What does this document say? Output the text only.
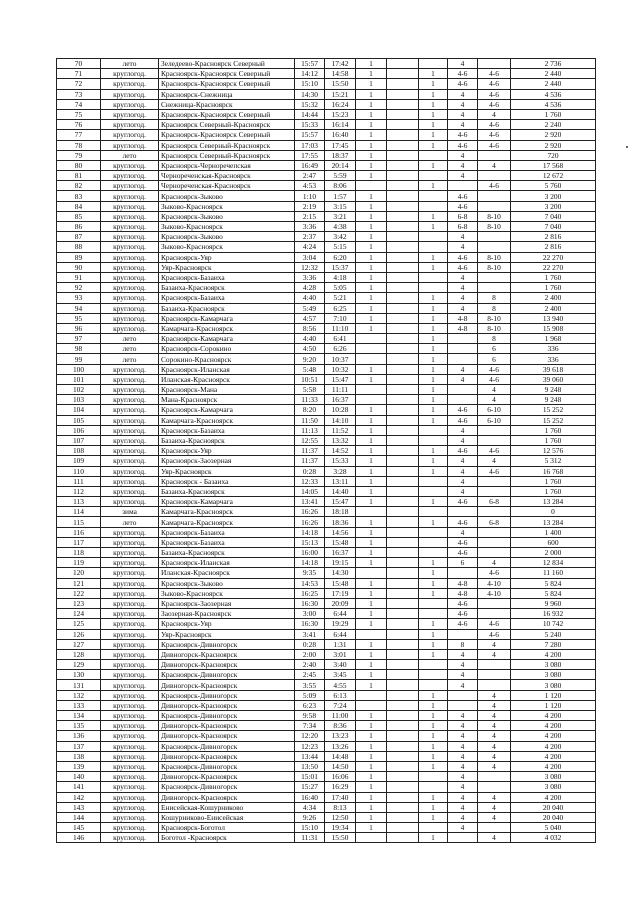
70	лето	Зеледеево-Красноярск Северный	15:57	17:42	1			4		2 736
71	круглогод.	Красноярск-Красноярск Северный	14:12	14:58	1		1	4-6	4-6	2 440
72	круглогод.	Красноярск-Красноярск Северный	15:10	15:50	1		1	4-6	4-6	2 440
73	круглогод.	Красноярск-Снежница	14:30	15:21	1		1	4	4-6	4 536
74	круглогод.	Снежница-Красноярск	15:32	16:24	1		1	4	4-6	4 536
75	круглогод.	Красноярск-Красноярск Северный	14:44	15:23	1		1	4	4	1 760
76	круглогод.	Красноярск Северный-Красноярск	15:33	16:14	1		1	4	4-6	2 240
77	круглогод.	Красноярск-Красноярск Северный	15:57	16:40	1		1	4-6	4-6	2 920
78	круглогод.	Красноярск Северный-Красноярск	17:03	17:45	1		1	4-6	4-6	2 920
79	лето	Красноярск Северный-Красноярск	17:55	18:37	1			4		720
80	круглогод.	Красноярск-Черноречепская	16:49	20:14	1		1	4	4	17 568
81	круглогод.	Чернореченская-Красноярск	2:47	5:59	1			4		12 672
82	круглогод.	Чернореченская-Красноярск	4:53	8:06			1		4-6	5 760
83	круглогод.	Красноярск-Зыково	1:10	1:57	1			4-6		3 200
84	круглогод.	Зыково-Красноярск	2:19	3:15	1			4-6		3 200
85	круглогод.	Красноярск-Зыково	2:15	3:21	1		1	6-8	8-10	7 040
86	круглогод.	Зыково-Красноярск	3:36	4:38	1		1	6-8	8-10	7 040
87	круглогод.	Красноярск-Зыково	2:37	3:42	1			4		2 816
88	круглогод.	Зыково-Красноярск	4:24	5:15	1			4		2 816
89	круглогод.	Красноярск-Уяр	3:04	6:20	1		1	4-6	8-10	22 270
90	круглогод.	Уяр-Красноярск	12:32	15:37	1		1	4-6	8-10	22 270
91	круглогод.	Красноярск-Базаиха	3:36	4:18	1			4		1 760
92	круглогод.	Базаиха-Красноярск	4:28	5:05	1			4		1 760
93	круглогод.	Красноярск-Базаиха	4:40	5:21	1		1	4	8	2 400
94	круглогод.	Базаиха-Красноярск	5:49	6:25	1		1	4	8	2 400
95	круглогод.	Красноярск-Камарчага	4:57	7:10	1		1	4-8	8-10	13 940
96	круглогод.	Камарчага-Красноярск	8:56	11:10	1		1	4-8	8-10	15 908
97	лето	Красноярск-Камарчага	4:40	6:41			1		8	1 968
98	лето	Красноярск-Сорокино	4:50	6:26			1		6	336
99	лето	Сорокино-Красноярск	9:20	10:37			1		6	336
100	круглогод.	Красноярск-Иланская	5:48	10:32	1		1	4	4-6	39 618
101	круглогод.	Иланская-Красноярск	10:51	15:47	1		1	4	4-6	39 060
102	круглогод.	Красноярск-Мана	5:58	11:11			1		4	9 248
103	круглогод.	Мана-Красноярск	11:33	16:37			1		4	9 248
104	круглогод.	Красноярск-Камарчага	8:20	10:28	1		1	4-6	6-10	15 252
105	круглогод.	Камарчага-Красноярск	11:50	14:10	1		1	4-6	6-10	15 252
106	круглогод.	Красноярск-Базаиха	11:13	11:52	1			4		1 760
107	круглогод.	Базаиха-Красноярск	12:55	13:32	1			4		1 760
108	круглогод.	Красноярск-Уяр	11:37	14:52	1		1	4-6	4-6	12 576
109	круглогод.	Красноярск-Заозерная	11:37	15:33	1		1	4	4	5 312
110	круглогод.	Уяр-Красноярск	0:28	3:28	1		1	4	4-6	16 768
111	круглогод.	Красноярск - Базаиха	12:33	13:11	1			4		1 760
112	круглогод.	Базаиха-Красноярск	14:05	14:40	1			4		1 760
113	круглогод.	Красноярск-Камарчага	13:41	15:47	1		1	4-6	6-8	13 284
114	зима	Камарчага-Красноярск	16:26	18:18						0
115	лето	Камарчага-Красноярск	16:26	18:36	1		1	4-6	6-8	13 284
116	круглогод.	Красноярск-Базаиха	14:18	14:56	1			4		1 400
117	круглогод.	Красноярск-Базаиха	15:13	15:48	1			4-6		600
118	круглогод.	Базаиха-Красноярск	16:00	16:37	1			4-6		2 000
119	круглогод.	Красноярск-Иланская	14:18	19:15	1		1	6	4	12 834
120	круглогод.	Иланская-Красноярск	9:35	14:30			1		4-6	11 160
121	круглогод.	Красноярск-Зыково	14:53	15:48	1		1	4-8	4-10	5 824
122	круглогод.	Зыково-Красноярск	16:25	17:19	1		1	4-8	4-10	5 824
123	круглогод.	Красноярск-Заозерная	16:30	20:09	1			4-6		9 960
124	круглогод.	Заозерная-Красноярск	3:00	6:44	1			4-6		16 932
125	круглогод.	Красноярск-Уяр	16:30	19:29	1		1	4-6	4-6	10 742
126	круглогод.	Уяр-Красноярск	3:41	6:44			1		4-6	5 240
127	круглогод.	Красноярск-Дивногорск	0:28	1:31	1		1	8	4	7 280
128	круглогод.	Дивногорск-Красноярск	2:00	3:01	1		1	4	4	4 200
129	круглогод.	Дивногорск-Красноярск	2:40	3:40	1			4		3 080
130	круглогод.	Красноярск-Дивногорск	2:45	3:45	1			4		3 080
131	круглогод.	Дивногорск-Красноярск	3:55	4:55	1			4		3 080
132	круглогод.	Красноярск-Дивногорск	5:09	6:13			1		4	1 120
133	круглогод.	Дивногорск-Красноярск	6:23	7:24			1		4	1 120
134	круглогод.	Красноярск-Дивногорск	9:58	11:00	1		1	4	4	4 200
135	круглогод.	Дивногорск-Красноярск	7:34	8:36	1		1	4	4	4 200
136	круглогод.	Дивногорск-Красноярск	12:20	13:23	1		1	4	4	4 200
137	круглогод.	Красноярск-Дивногорск	12:23	13:26	1		1	4	4	4 200
138	круглогод.	Дивногорск-Красноярск	13:44	14:48	1		1	4	4	4 200
139	круглогод.	Красноярск-Дивногорск	13:50	14:50	1		1	4	4	4 200
140	круглогод.	Дивногорск-Красноярск	15:01	16:06	1			4		3 080
141	круглогод.	Красноярск-Дивногорск	15:27	16:29	1			4		3 080
142	круглогод.	Дивногорск-Красноярск	16:40	17:40	1		1	4	4	4 200
143	круглогод.	Енисейская-Кошурниково	4:34	8:13	1		1	4	4	20 040
144	круглогод.	Кошурниково-Енисейская	9:26	12:50	1		1	4	4	20 040
145	круглогод.	Красноярск-Боготол	15:10	19:34	1			4		5 040
146	круглогод.	Боготол -Красноярск	11:31	15:50			1		4	4 032
